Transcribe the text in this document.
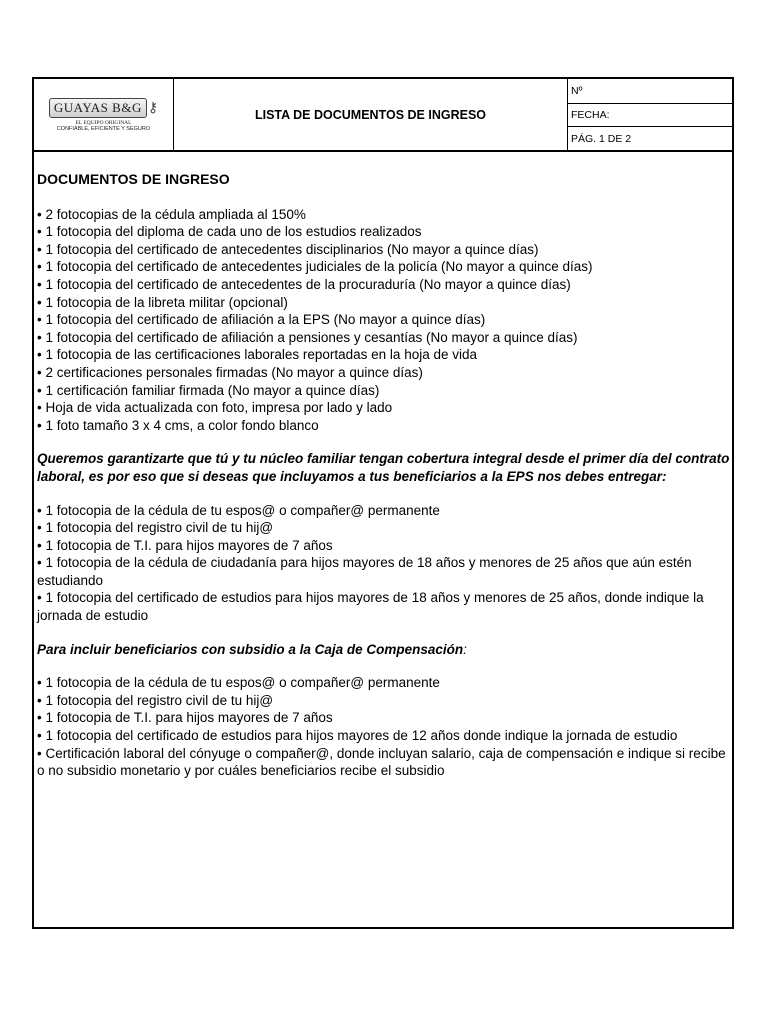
GUAYAS B&G ⚷
EL EQUIPO ORIGINAL
CONFIABLE, EFICIENTE Y SEGURO
LISTA DE DOCUMENTOS DE INGRESO
Nº
FECHA:
PÁG. 1 DE 2
DOCUMENTOS DE INGRESO
• 2 fotocopias de la cédula ampliada al 150%
• 1 fotocopia del diploma de cada uno de los estudios realizados
• 1 fotocopia del certificado de antecedentes disciplinarios (No mayor a quince días)
• 1 fotocopia del certificado de antecedentes judiciales de la policía (No mayor a quince días)
• 1 fotocopia del certificado de antecedentes de la procuraduría (No mayor a quince días)
• 1 fotocopia de la libreta militar (opcional)
• 1 fotocopia del certificado de afiliación a la EPS (No mayor a quince días)
• 1 fotocopia del certificado de afiliación a pensiones y cesantías (No mayor a quince días)
• 1 fotocopia de las certificaciones laborales reportadas en la hoja de vida
• 2 certificaciones personales firmadas (No mayor a quince días)
• 1 certificación familiar firmada (No mayor a quince días)
• Hoja de vida actualizada con foto, impresa por lado y lado
• 1 foto tamaño 3 x 4 cms, a color fondo blanco
Queremos garantizarte que tú y tu núcleo familiar tengan cobertura integral desde el primer día del contrato laboral, es por eso que si deseas que incluyamos a tus beneficiarios a la EPS nos debes entregar:
• 1 fotocopia de la cédula de tu espos@ o compañer@ permanente
• 1 fotocopia del registro civil de tu hij@
• 1 fotocopia de T.I. para hijos mayores de 7 años
• 1 fotocopia de la cédula de ciudadanía para hijos mayores de 18 años y menores de 25 años que aún estén estudiando
• 1 fotocopia del certificado de estudios para hijos mayores de 18 años y menores de 25 años, donde indique la jornada de estudio
Para incluir beneficiarios con subsidio a la Caja de Compensación:
• 1 fotocopia de la cédula de tu espos@ o compañer@ permanente
• 1 fotocopia del registro civil de tu hij@
• 1 fotocopia de T.I. para hijos mayores de 7 años
• 1 fotocopia del certificado de estudios para hijos mayores de 12 años donde indique la jornada de estudio
• Certificación laboral del cónyuge o compañer@, donde incluyan salario, caja de compensación e indique si recibe o no subsidio monetario y por cuáles beneficiarios recibe el subsidio
